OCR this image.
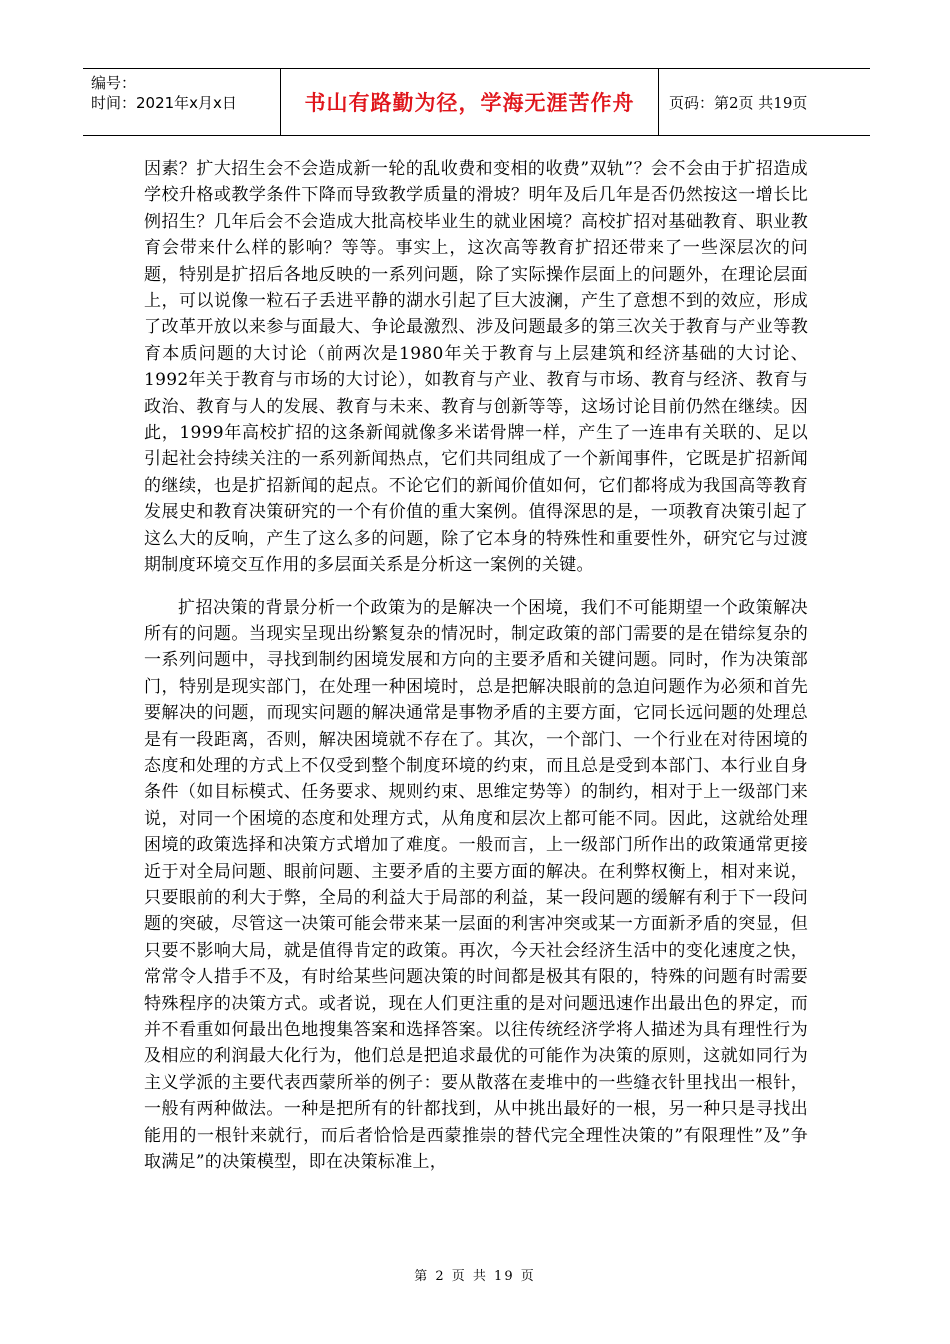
编号：
时间：2021年x月x日	书山有路勤为径，学海无涯苦作舟 页码：第2页 共19页

因素？扩大招生会不会造成新一轮的乱收费和变相的收费”双轨”？会不会由于扩招造成学校升格或教学条件下降而导致教学质量的滑坡？明年及后几年是否仍然按这一增长比例招生？几年后会不会造成大批高校毕业生的就业困境？高校扩招对基础教育、职业教育会带来什么样的影响？等等。事实上，这次高等教育扩招还带来了一些深层次的问题，特别是扩招后各地反映的一系列问题，除了实际操作层面上的问题外，在理论层面上，可以说像一粒石子丢进平静的湖水引起了巨大波澜，产生了意想不到的效应，形成了改革开放以来参与面最大、争论最激烈、涉及问题最多的第三次关于教育与产业等教育本质问题的大讨论（前两次是1980年关于教育与上层建筑和经济基础的大讨论、1992年关于教育与市场的大讨论），如教育与产业、教育与市场、教育与经济、教育与政治、教育与人的发展、教育与未来、教育与创新等等，这场讨论目前仍然在继续。因此，1999年高校扩招的这条新闻就像多米诺骨牌一样，产生了一连串有关联的、足以引起社会持续关注的一系列新闻热点，它们共同组成了一个新闻事件，它既是扩招新闻的继续，也是扩招新闻的起点。不论它们的新闻价值如何，它们都将成为我国高等教育发展史和教育决策研究的一个有价值的重大案例。值得深思的是，一项教育决策引起了这么大的反响，产生了这么多的问题，除了它本身的特殊性和重要性外，研究它与过渡期制度环境交互作用的多层面关系是分析这一案例的关键。

扩招决策的背景分析一个政策为的是解决一个困境，我们不可能期望一个政策解决所有的问题。当现实呈现出纷繁复杂的情况时，制定政策的部门需要的是在错综复杂的一系列问题中，寻找到制约困境发展和方向的主要矛盾和关键问题。同时，作为决策部门，特别是现实部门，在处理一种困境时，总是把解决眼前的急迫问题作为必须和首先要解决的问题，而现实问题的解决通常是事物矛盾的主要方面，它同长远问题的处理总是有一段距离，否则，解决困境就不存在了。其次，一个部门、一个行业在对待困境的态度和处理的方式上不仅受到整个制度环境的约束，而且总是受到本部门、本行业自身条件（如目标模式、任务要求、规则约束、思维定势等）的制约，相对于上一级部门来说，对同一个困境的态度和处理方式，从角度和层次上都可能不同。因此，这就给处理困境的政策选择和决策方式增加了难度。一般而言，上一级部门所作出的政策通常更接近于对全局问题、眼前问题、主要矛盾的主要方面的解决。在利弊权衡上，相对来说，只要眼前的利大于弊，全局的利益大于局部的利益，某一段问题的缓解有利于下一段问题的突破，尽管这一决策可能会带来某一层面的利害冲突或某一方面新矛盾的突显，但只要不影响大局，就是值得肯定的政策。再次，今天社会经济生活中的变化速度之快，常常令人措手不及，有时给某些问题决策的时间都是极其有限的，特殊的问题有时需要特殊程序的决策方式。或者说，现在人们更注重的是对问题迅速作出最出色的界定，而并不看重如何最出色地搜集答案和选择答案。以往传统经济学将人描述为具有理性行为及相应的利润最大化行为，他们总是把追求最优的可能作为决策的原则，这就如同行为主义学派的主要代表西蒙所举的例子：要从散落在麦堆中的一些缝衣针里找出一根针，一般有两种做法。一种是把所有的针都找到，从中挑出最好的一根，另一种只是寻找出能用的一根针来就行，而后者恰恰是西蒙推崇的替代完全理性决策的”有限理性”及”争取满足”的决策模型，即在决策标准上，

第 2 页 共 19 页
